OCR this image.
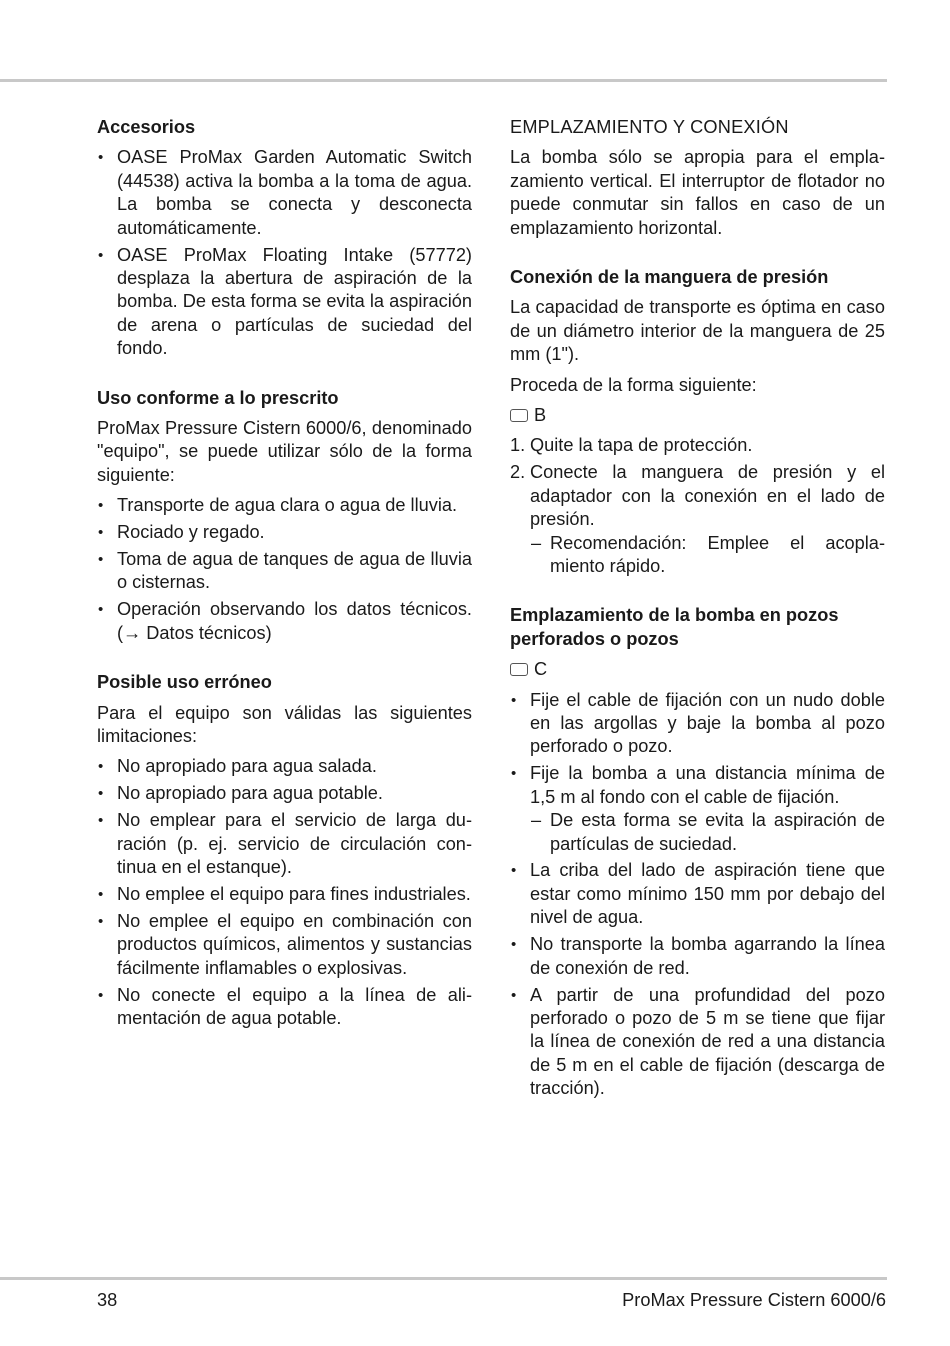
Accesorios
• OASE ProMax Garden Automatic Switch (44538) activa la bomba a la toma de agua. La bomba se conecta y desconecta automáticamente.
• OASE ProMax Floating Intake (57772) desplaza la abertura de aspiración de la bomba. De esta forma se evita la aspiración de arena o partículas de suciedad del fondo.
Uso conforme a lo prescrito

ProMax Pressure Cistern 6000/6, denominado "equipo", se puede utilizar sólo de la forma siguiente:

• Transporte de agua clara o agua de lluvia.
• Rociado y regado.
• Toma de agua de tanques de agua de lluvia o cisternas.
• Operación observando los datos técnicos. (→ Datos técnicos)
Posible uso erróneo

Para el equipo son válidas las siguientes limitaciones:

• No apropiado para agua salada.
• No apropiado para agua potable.
• No emplear para el servicio de larga duración (p. ej. servicio de circulación continua en el estanque).
• No emplee el equipo para fines industriales.
• No emplee el equipo en combinación con productos químicos, alimentos y sustancias fácilmente inflamables o explosivas.
• No conecte el equipo a la línea de alimentación de agua potable.
EMPLAZAMIENTO Y CONEXIÓN

La bomba sólo se apropia para el emplazamiento vertical. El interruptor de flotador no puede conmutar sin fallos en caso de un emplazamiento horizontal.

Conexión de la manguera de presión

La capacidad de transporte es óptima en caso de un diámetro interior de la manguera de 25 mm (1").

Proceda de la forma siguiente:

B
1. Quite la tapa de protección.
2. Conecte la manguera de presión y el adaptador con la conexión en el lado de presión.
– Recomendación: Emplee el acoplamiento rápido.
Emplazamiento de la bomba en pozos perforados o pozos
C
• Fije el cable de fijación con un nudo doble en las argollas y baje la bomba al pozo perforado o pozo.
• Fije la bomba a una distancia mínima de 1,5 m al fondo con el cable de fijación.
– De esta forma se evita la aspiración de partículas de suciedad.
• La criba del lado de aspiración tiene que estar como mínimo 150 mm por debajo del nivel de agua.
• No transporte la bomba agarrando la línea de conexión de red.
• A partir de una profundidad del pozo perforado o pozo de 5 m se tiene que fijar la línea de conexión de red a una distancia de 5 m en el cable de fijación (descarga de tracción).
38	ProMax Pressure Cistern 6000/6
